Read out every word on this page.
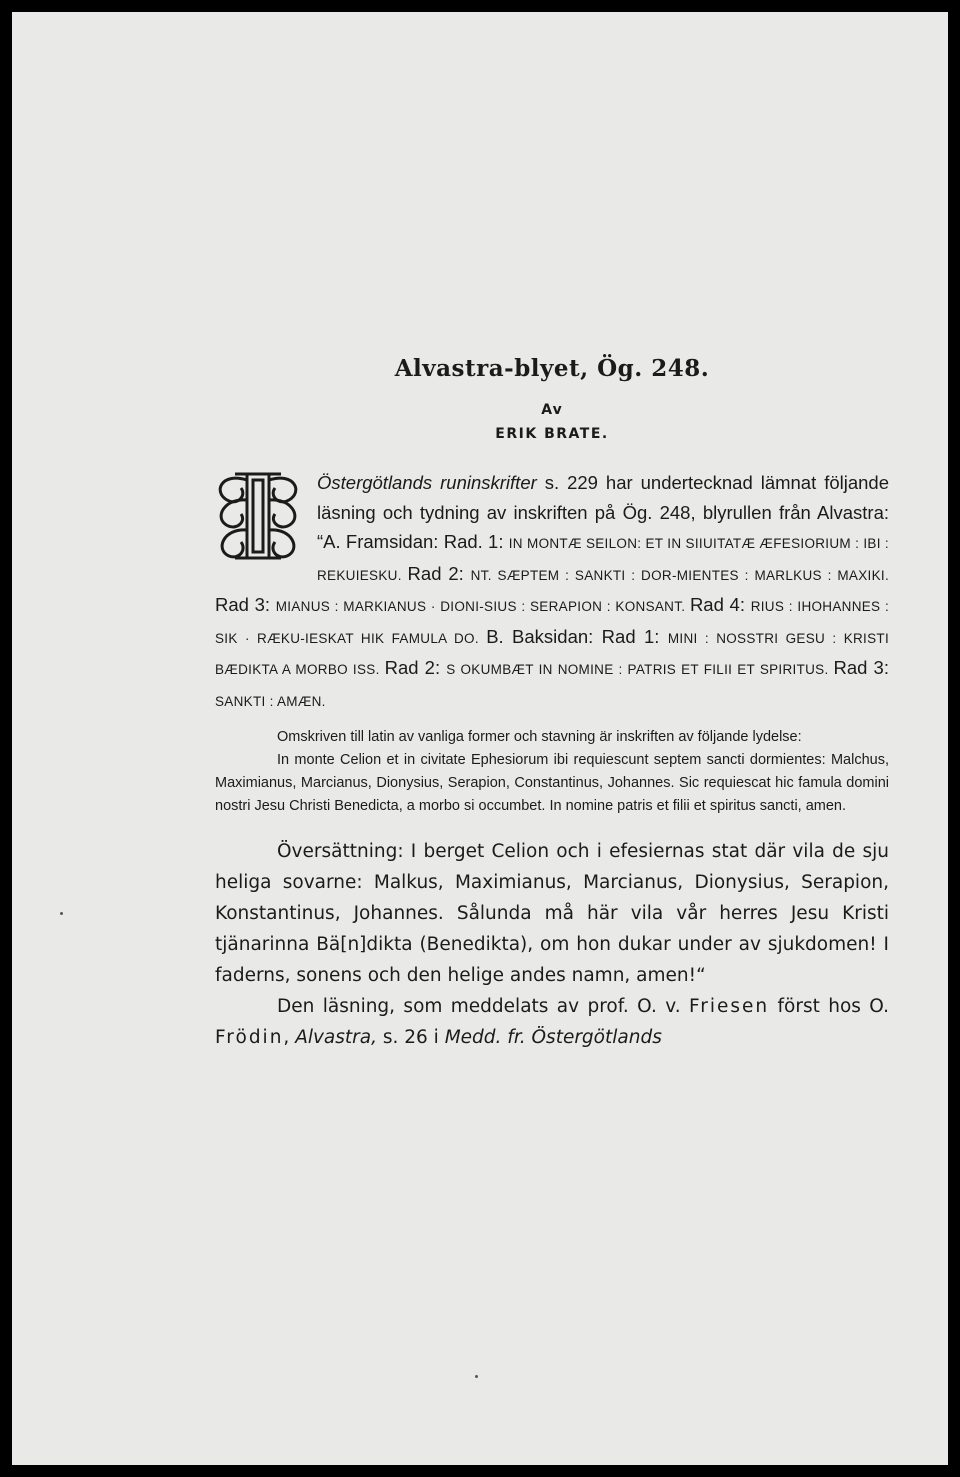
Alvastra-blyet, Ög. 248.
Av
ERIK BRATE.
Östergötlands runinskrifter s. 229 har undertecknad lämnat följande läsning och tydning av inskriften på Ög. 248, blyrullen från Alvastra: “A. Framsidan: Rad. 1: IN MONTÆ SEILON: ET IN SIIUITATÆ ÆFESIORIUM : IBI : REKUIESKU. Rad 2: NT. SÆPTEM : SANKTI : DOR-MIENTES : MARLKUS : MAXIKI. Rad 3: MIANUS : MARKIANUS · DIONI-SIUS : SERAPION : KONSANT. Rad 4: RIUS : IHOHANNES : SIK · RÆKU-IESKAT HIK FAMULA DO. B. Baksidan: Rad 1: MINI : NOSSTRI GESU : KRISTI BÆDIKTA A MORBO ISS. Rad 2: S OKUMBÆT IN NOMINE : PATRIS ET FILII ET SPIRITUS. Rad 3: SANKTI : AMÆN.

Omskriven till latin av vanliga former och stavning är inskriften av följande lydelse:

In monte Celion et in civitate Ephesiorum ibi requiescunt septem sancti dormientes: Malchus, Maximianus, Marcianus, Dionysius, Serapion, Constantinus, Johannes. Sic requiescat hic famula domini nostri Jesu Christi Benedicta, a morbo si occumbet. In nomine patris et filii et spiritus sancti, amen.

Översättning: I berget Celion och i efesiernas stat där vila de sju heliga sovarne: Malkus, Maximianus, Marcianus, Dionysius, Serapion, Konstantinus, Johannes. Sålunda må här vila vår herres Jesu Kristi tjänarinna Bä[n]dikta (Benedikta), om hon dukar under av sjukdomen! I faderns, sonens och den helige andes namn, amen!“

Den läsning, som meddelats av prof. O. v. Friesen först hos O. Frödin, Alvastra, s. 26 i Medd. fr. Östergötlands
